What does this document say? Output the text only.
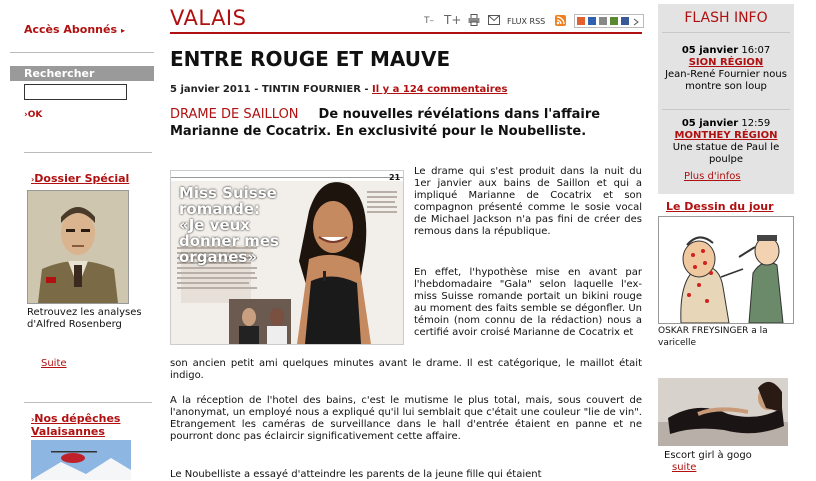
Accès Abonnés ▸
Rechercher
›OK
›Dossier Spécial
Retrouvez les analyses d'Alfred Rosenberg
Suite
›Nos dépêches Valaisannes
VALAIS	T– T+	FLUX RSS
ENTRE ROUGE ET MAUVE
5 janvier 2011 - TINTIN FOURNIER - Il y a 124 commentaires
DRAME DE SAILLON De nouvelles révélations dans l'affaire Marianne de Cocatrix. En exclusivité pour le Noubelliste.
Miss Suisse romande: «Je veux donner mes organes»
21
Le drame qui s'est produit dans la nuit du 1er janvier aux bains de Saillon et qui a impliqué Marianne de Cocatrix et son compagnon présenté comme le sosie vocal de Michael Jackson n'a pas fini de créer des remous dans la république.
En effet, l'hypothèse mise en avant par l'hebdomadaire "Gala" selon laquelle l'ex-miss Suisse romande portait un bikini rouge au moment des faits semble se dégonfler. Un témoin (nom connu de la rédaction) nous a certifié avoir croisé Marianne de Cocatrix et
son ancien petit ami quelques minutes avant le drame. Il est catégorique, le maillot était indigo.
A la réception de l'hotel des bains, c'est le mutisme le plus total, mais, sous couvert de l'anonymat, un employé nous a expliqué qu'il lui semblait que c'était une couleur "lie de vin". Etrangement les caméras de surveillance dans le hall d'entrée étaient en panne et ne pourront donc pas éclaircir significativement cette affaire.
Le Noubelliste a essayé d'atteindre les parents de la jeune fille qui étaient
FLASH INFO
05 janvier 16:07
SION RÉGION
Jean-René Fournier nous montre son loup
05 janvier 12:59
MONTHEY RÉGION
Une statue de Paul le poulpe
Plus d'infos
Le Dessin du jour
OSKAR FREYSINGER a la varicelle
Escort girl à gogo
suite
